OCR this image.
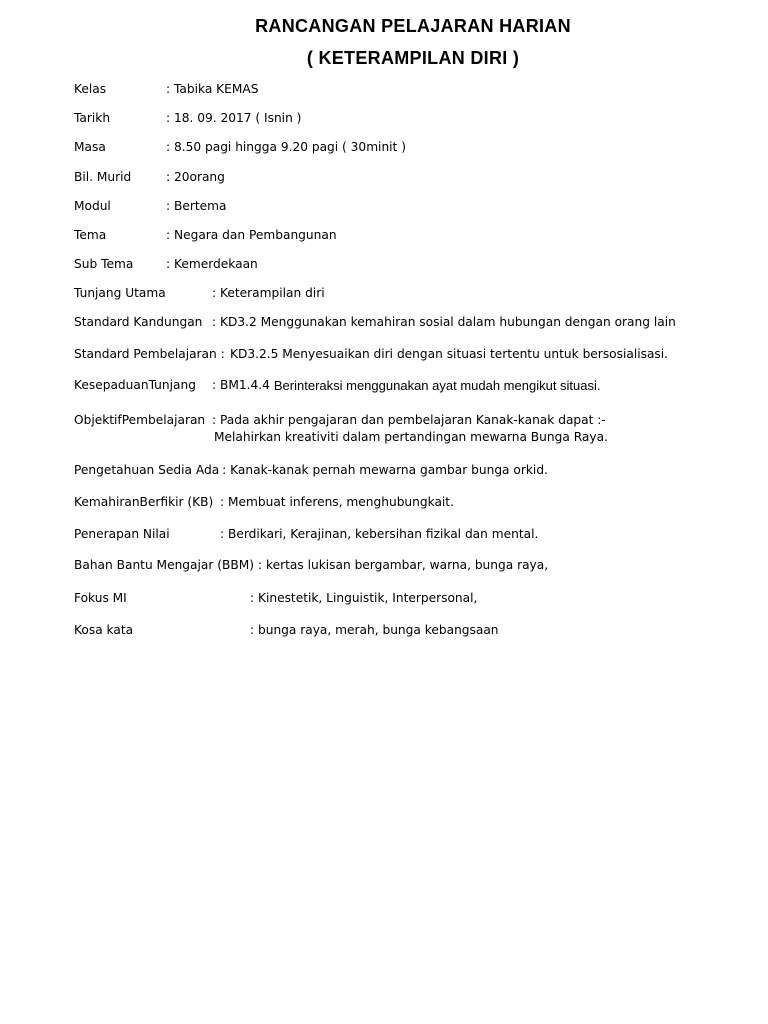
RANCANGAN PELAJARAN HARIAN
( KETERAMPILAN DIRI )
Kelas	: Tabika KEMAS
Tarikh	: 18. 09. 2017 ( Isnin )
Masa	: 8.50 pagi hingga 9.20 pagi ( 30minit )
Bil. Murid	: 20orang
Modul	: Bertema
Tema	: Negara dan Pembangunan
Sub Tema	: Kemerdekaan
Tunjang Utama	: Keterampilan diri
Standard Kandungan : KD3.2 Menggunakan kemahiran sosial dalam hubungan dengan orang lain
Standard Pembelajaran : KD3.2.5 Menyesuaikan diri dengan situasi tertentu untuk bersosialisasi.
KesepaduanTunjang : BM1.4.4 Berinteraksi menggunakan ayat mudah mengikut situasi.
ObjektifPembelajaran : Pada akhir pengajaran dan pembelajaran Kanak-kanak dapat :-
Melahirkan kreativiti dalam pertandingan mewarna Bunga Raya.
Pengetahuan Sedia Ada : Kanak-kanak pernah mewarna gambar bunga orkid.
KemahiranBerfikir (KB) : Membuat inferens, menghubungkait.
Penerapan Nilai	: Berdikari, Kerajinan, kebersihan fizikal dan mental.
Bahan Bantu Mengajar (BBM) : kertas lukisan bergambar, warna, bunga raya,
Fokus MI	: Kinestetik, Linguistik, Interpersonal,
Kosa kata	: bunga raya, merah, bunga kebangsaan
